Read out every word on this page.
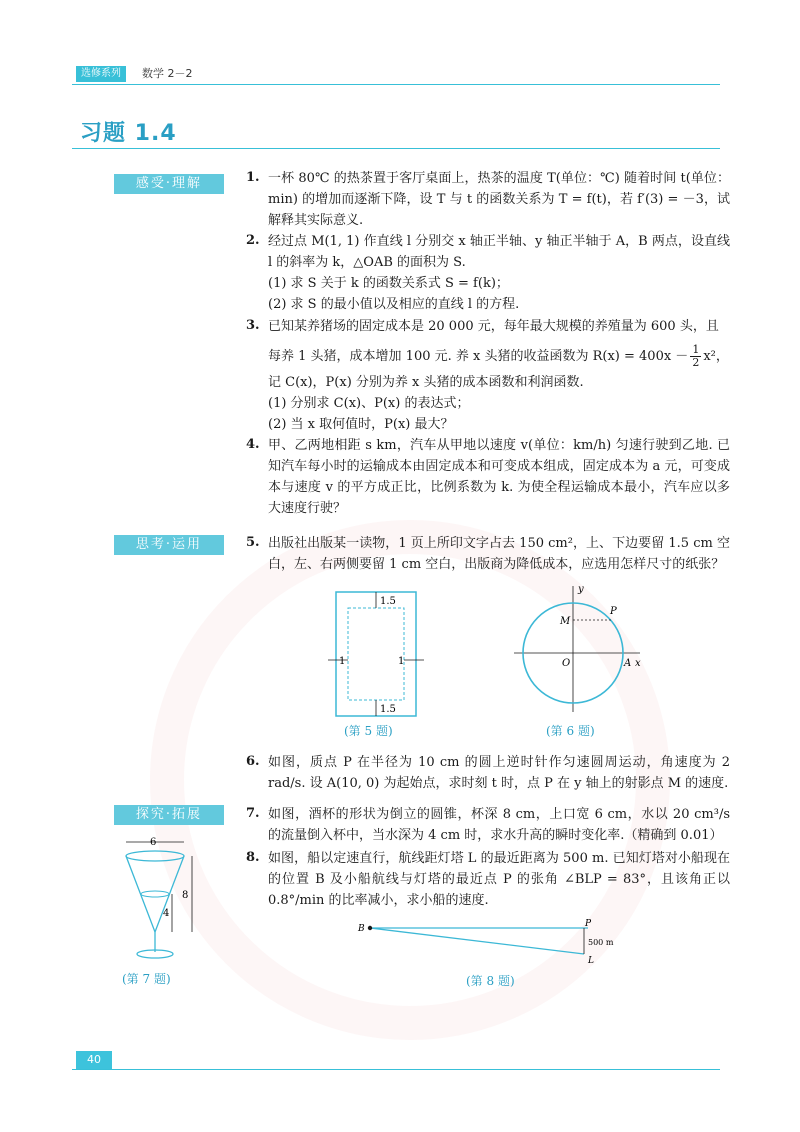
选修系列	数学 2－2
习题 1.4
感受·理解
思考·运用
探究·拓展
1. 一杯 80℃ 的热茶置于客厅桌面上，热茶的温度 T(单位：℃) 随着时间 t(单位：min) 的增加而逐渐下降，设 T 与 t 的函数关系为 T = f(t)，若 f′(3) = －3，试解释其实际意义.
2. 经过点 M(1, 1) 作直线 l 分别交 x 轴正半轴、y 轴正半轴于 A，B 两点，设直线 l 的斜率为 k，△OAB 的面积为 S.
(1) 求 S 关于 k 的函数关系式 S = f(k)；
(2) 求 S 的最小值以及相应的直线 l 的方程.
3. 已知某养猪场的固定成本是 20 000 元，每年最大规模的养殖量为 600 头，且
每养 1 头猪，成本增加 100 元. 养 x 头猪的收益函数为 $R(x) = 400x - \frac{1}{2} x^2$，
记 C(x)，P(x) 分别为养 x 头猪的成本函数和利润函数.
(1) 分别求 C(x)、P(x) 的表达式；
(2) 当 x 取何值时，P(x) 最大？
4. 甲、乙两地相距 s km，汽车从甲地以速度 v(单位：km/h) 匀速行驶到乙地. 已知汽车每小时的运输成本由固定成本和可变成本组成，固定成本为 a 元，可变成本与速度 v 的平方成正比，比例系数为 k. 为使全程运输成本最小，汽车应以多大速度行驶？
5. 出版社出版某一读物，1 页上所印文字占去 150 cm²，上、下边要留 1.5 cm 空白，左、右两侧要留 1 cm 空白，出版商为降低成本，应选用怎样尺寸的纸张？
1.5
1.5
1	1
(第 5 题)
y
x
M
P
O	A
(第 6 题)
6. 如图，质点 P 在半径为 10 cm 的圆上逆时针作匀速圆周运动，角速度为 2 rad/s. 设 A(10, 0) 为起始点，求时刻 t 时，点 P 在 y 轴上的射影点 M 的速度.
6
8
4
(第 7 题)
7. 如图，酒杯的形状为倒立的圆锥，杯深 8 cm，上口宽 6 cm，水以 20 cm³/s 的流量倒入杯中，当水深为 4 cm 时，求水升高的瞬时变化率.（精确到 0.01）
8. 如图，船以定速直行，航线距灯塔 L 的最近距离为 500 m. 已知灯塔对小船现在的位置 B 及小船航线与灯塔的最近点 P 的张角 ∠BLP = 83°，且该角正以 0.8°/min 的比率减小，求小船的速度.
B	P
L
500 m
(第 8 题)
40
